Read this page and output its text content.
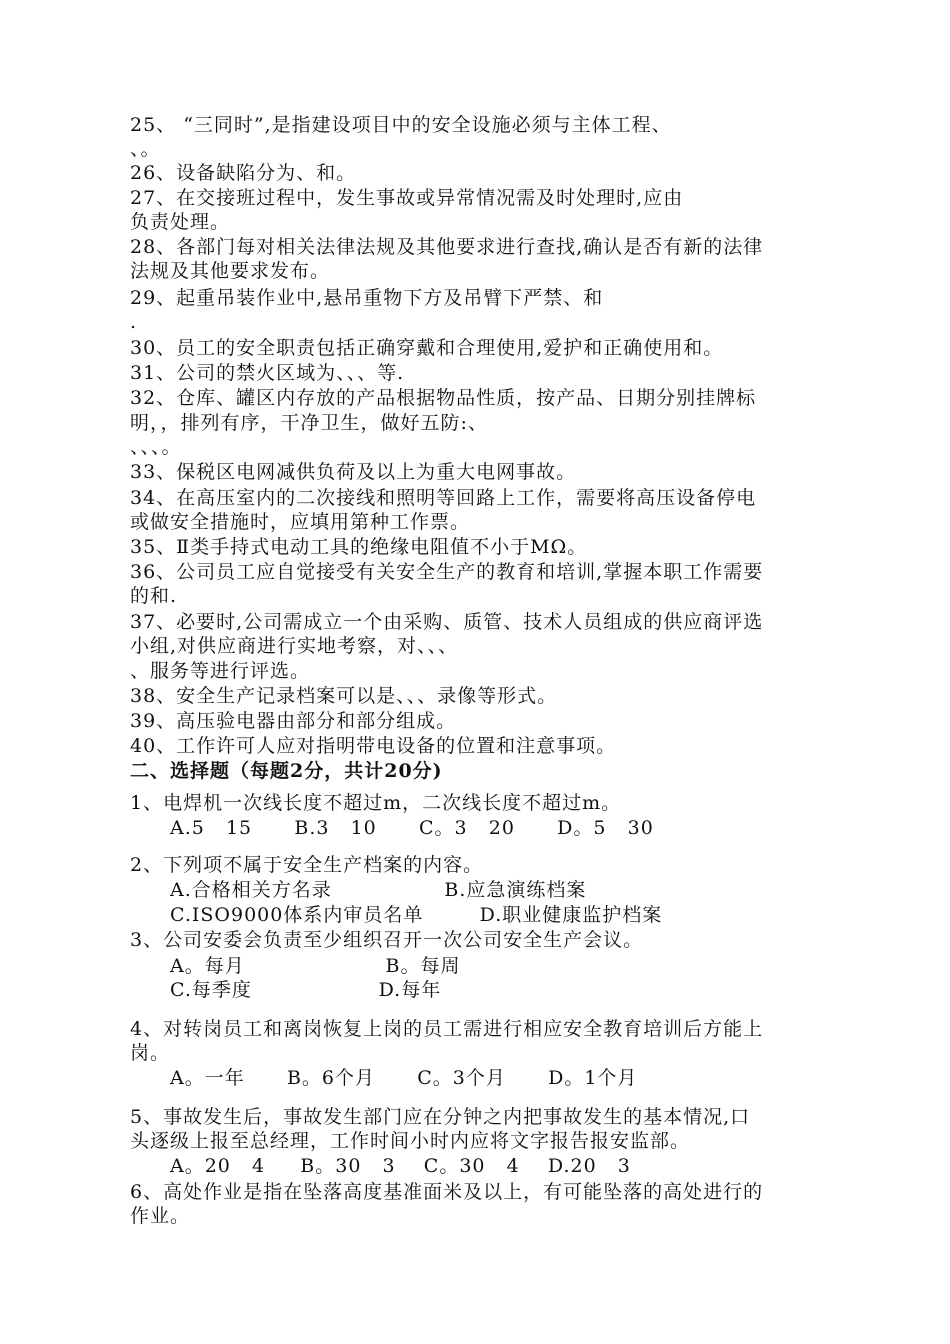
25、 “三同时”,是指建设项目中的安全设施必须与主体工程、
、。
26、设备缺陷分为、和。
27、在交接班过程中，发生事故或异常情况需及时处理时,应由
负责处理。
28、各部门每对相关法律法规及其他要求进行查找,确认是否有新的法律
法规及其他要求发布。
29、起重吊装作业中,悬吊重物下方及吊臂下严禁、和
.
30、员工的安全职责包括正确穿戴和合理使用,爱护和正确使用和。
31、公司的禁火区域为、、、等.
32、仓库、罐区内存放的产品根据物品性质，按产品、日期分别挂牌标
明，，排列有序，干净卫生，做好五防:、
、、、。
33、保税区电网减供负荷及以上为重大电网事故。
34、在高压室内的二次接线和照明等回路上工作，需要将高压设备停电
或做安全措施时，应填用第种工作票。
35、Ⅱ类手持式电动工具的绝缘电阻值不小于MΩ。
36、公司员工应自觉接受有关安全生产的教育和培训,掌握本职工作需要
的和.
37、必要时,公司需成立一个由采购、质管、技术人员组成的供应商评选
小组,对供应商进行实地考察，对、、、
、服务等进行评选。
38、安全生产记录档案可以是、、、录像等形式。
39、高压验电器由部分和部分组成。
40、工作许可人应对指明带电设备的位置和注意事项。
二、选择题（每题2分，共计20分)
1、电焊机一次线长度不超过m，二次线长度不超过m。
A.5   15      B.3   10      C。3   20      D。5   30
2、下列项不属于安全生产档案的内容。
A.合格相关方名录                B.应急演练档案
C.ISO9000体系内审员名单        D.职业健康监护档案
3、公司安委会负责至少组织召开一次公司安全生产会议。
A。每月                    B。每周
C.每季度                  D.每年
4、对转岗员工和离岗恢复上岗的员工需进行相应安全教育培训后方能上
岗。
A。一年      B。6个月      C。3个月      D。1个月
5、事故发生后，事故发生部门应在分钟之内把事故发生的基本情况,口
头逐级上报至总经理，工作时间小时内应将文字报告报安监部。
A。20   4     B。30   3    C。30   4    D.20   3
6、高处作业是指在坠落高度基准面米及以上，有可能坠落的高处进行的
作业。
